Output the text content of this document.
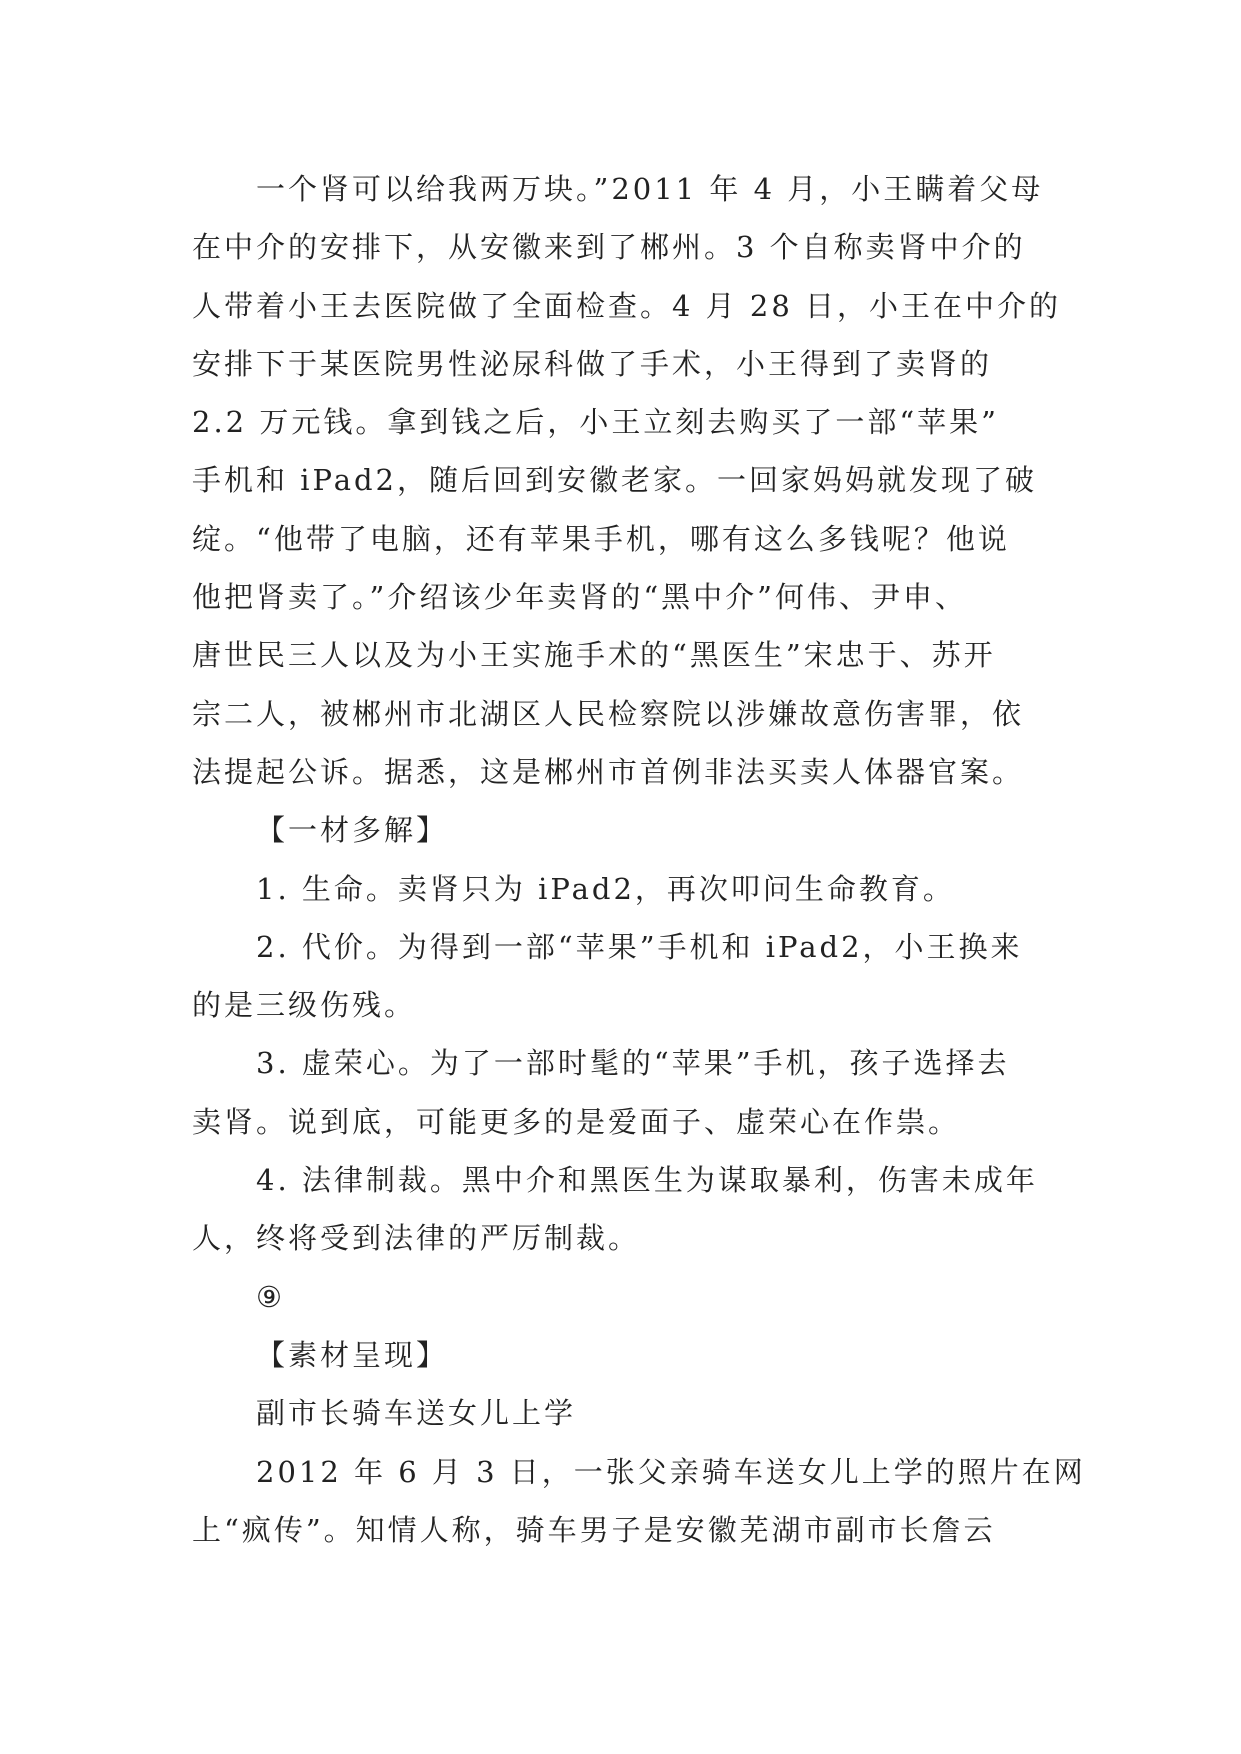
一个肾可以给我两万块。”2011 年 4 月，小王瞒着父母
在中介的安排下，从安徽来到了郴州。3 个自称卖肾中介的
人带着小王去医院做了全面检查。4 月 28 日，小王在中介的
安排下于某医院男性泌尿科做了手术，小王得到了卖肾的
2.2 万元钱。拿到钱之后，小王立刻去购买了一部“苹果”
手机和 iPad2，随后回到安徽老家。一回家妈妈就发现了破
绽。“他带了电脑，还有苹果手机，哪有这么多钱呢？他说
他把肾卖了。”介绍该少年卖肾的“黑中介”何伟、尹申、
唐世民三人以及为小王实施手术的“黑医生”宋忠于、苏开
宗二人，被郴州市北湖区人民检察院以涉嫌故意伤害罪，依
法提起公诉。据悉，这是郴州市首例非法买卖人体器官案。
【一材多解】
1. 生命。卖肾只为 iPad2，再次叩问生命教育。
2. 代价。为得到一部“苹果”手机和 iPad2，小王换来
的是三级伤残。
3. 虚荣心。为了一部时髦的“苹果”手机，孩子选择去
卖肾。说到底，可能更多的是爱面子、虚荣心在作祟。
4. 法律制裁。黑中介和黑医生为谋取暴利，伤害未成年
人，终将受到法律的严厉制裁。
⑨
【素材呈现】
副市长骑车送女儿上学
2012 年 6 月 3 日，一张父亲骑车送女儿上学的照片在网
上“疯传”。知情人称，骑车男子是安徽芜湖市副市长詹云
